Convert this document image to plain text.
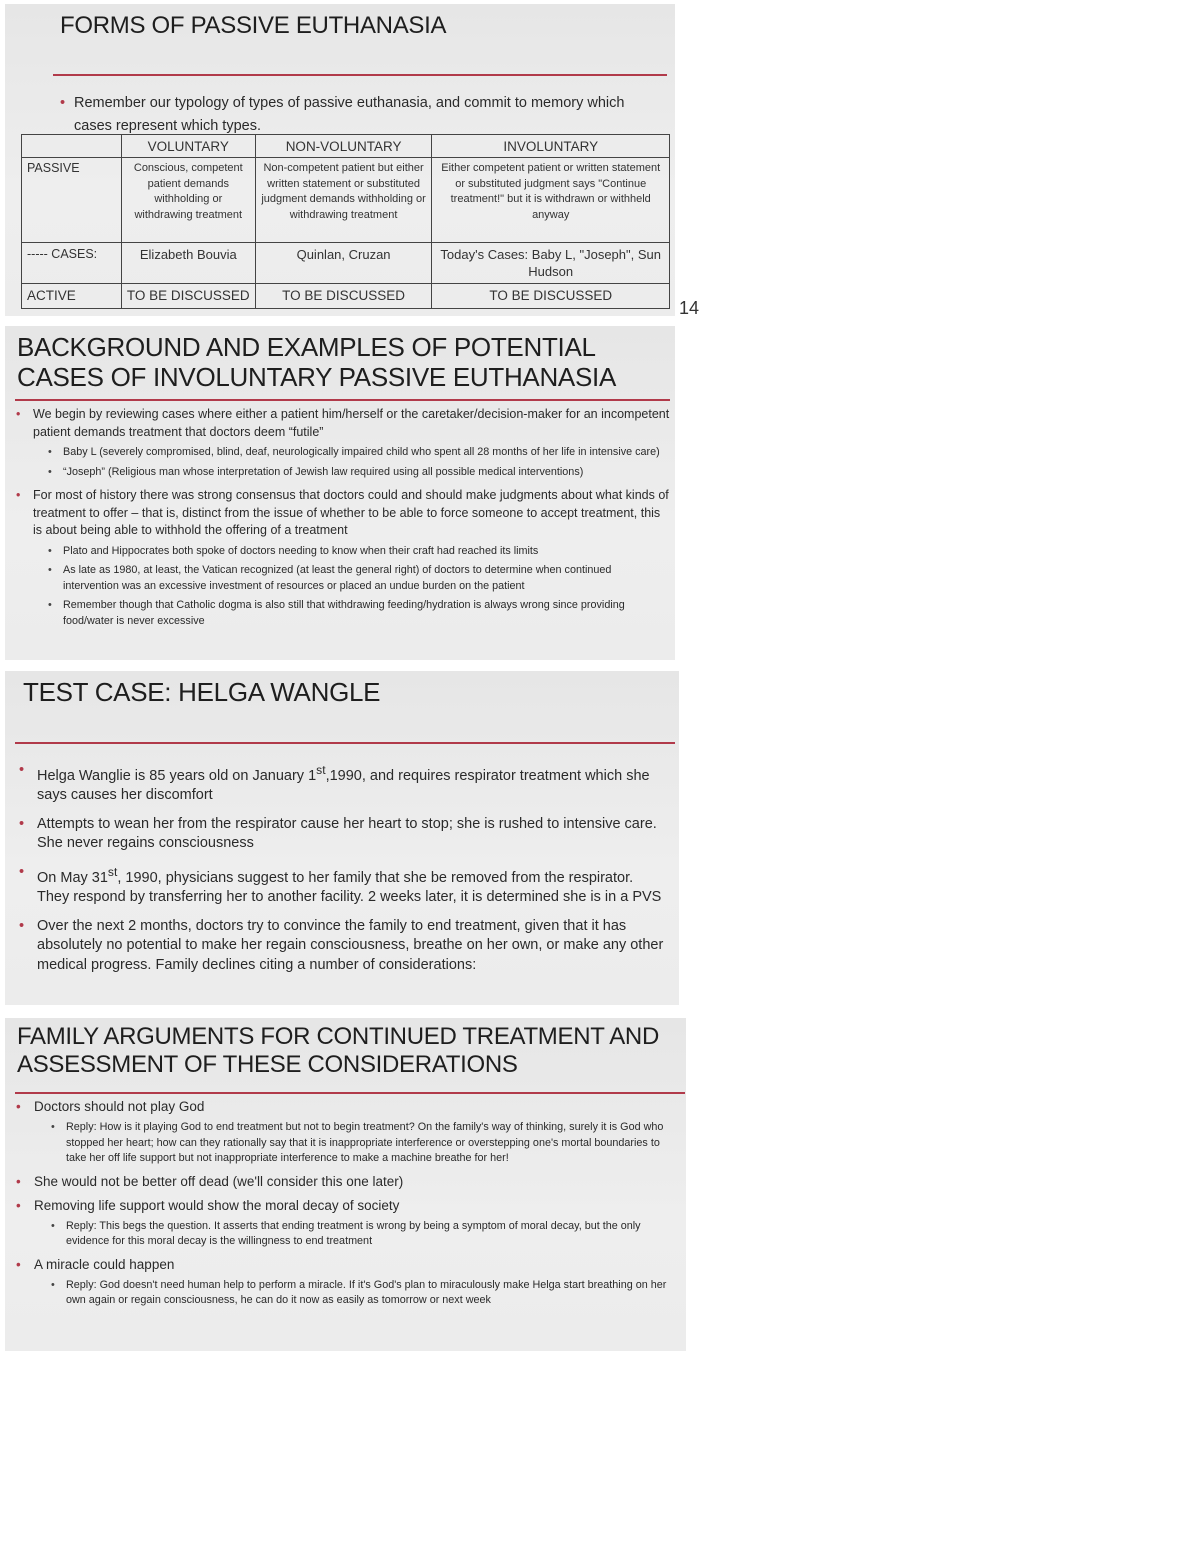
FORMS OF PASSIVE EUTHANASIA
• Remember our typology of types of passive euthanasia, and commit to memory which cases represent which types.
	VOLUNTARY	NON-VOLUNTARY	INVOLUNTARY
PASSIVE	Conscious, competent patient demands withholding or withdrawing treatment	Non-competent patient but either written statement or substituted judgment demands withholding or withdrawing treatment	Either competent patient or written statement or substituted judgment says "Continue treatment!" but it is withdrawn or withheld anyway
----- CASES:	Elizabeth Bouvia	Quinlan, Cruzan	Today's Cases: Baby L, "Joseph", Sun Hudson
ACTIVE	TO BE DISCUSSED	TO BE DISCUSSED	TO BE DISCUSSED
14
BACKGROUND AND EXAMPLES OF POTENTIAL
CASES OF INVOLUNTARY PASSIVE EUTHANASIA
• We begin by reviewing cases where either a patient him/herself or the caretaker/decision-maker for an incompetent patient demands treatment that doctors deem “futile”
• Baby L (severely compromised, blind, deaf, neurologically impaired child who spent all 28 months of her life in intensive care)
• “Joseph” (Religious man whose interpretation of Jewish law required using all possible medical interventions)
• For most of history there was strong consensus that doctors could and should make judgments about what kinds of treatment to offer – that is, distinct from the issue of whether to be able to force someone to accept treatment, this is about being able to withhold the offering of a treatment
• Plato and Hippocrates both spoke of doctors needing to know when their craft had reached its limits
• As late as 1980, at least, the Vatican recognized (at least the general right) of doctors to determine when continued intervention was an excessive investment of resources or placed an undue burden on the patient
• Remember though that Catholic dogma is also still that withdrawing feeding/hydration is always wrong since providing food/water is never excessive
TEST CASE: HELGA WANGLE
• Helga Wanglie is 85 years old on January 1st,1990, and requires respirator treatment which she says causes her discomfort
• Attempts to wean her from the respirator cause her heart to stop; she is rushed to intensive care. She never regains consciousness
• On May 31st, 1990, physicians suggest to her family that she be removed from the respirator. They respond by transferring her to another facility. 2 weeks later, it is determined she is in a PVS
• Over the next 2 months, doctors try to convince the family to end treatment, given that it has absolutely no potential to make her regain consciousness, breathe on her own, or make any other medical progress. Family declines citing a number of considerations:
FAMILY ARGUMENTS FOR CONTINUED TREATMENT AND
ASSESSMENT OF THESE CONSIDERATIONS
• Doctors should not play God
• Reply: How is it playing God to end treatment but not to begin treatment? On the family's way of thinking, surely it is God who stopped her heart; how can they rationally say that it is inappropriate interference or overstepping one's mortal boundaries to take her off life support but not inappropriate interference to make a machine breathe for her!
• She would not be better off dead (we'll consider this one later)
• Removing life support would show the moral decay of society
• Reply: This begs the question. It asserts that ending treatment is wrong by being a symptom of moral decay, but the only evidence for this moral decay is the willingness to end treatment
• A miracle could happen
• Reply: God doesn't need human help to perform a miracle. If it's God's plan to miraculously make Helga start breathing on her own again or regain consciousness, he can do it now as easily as tomorrow or next week
